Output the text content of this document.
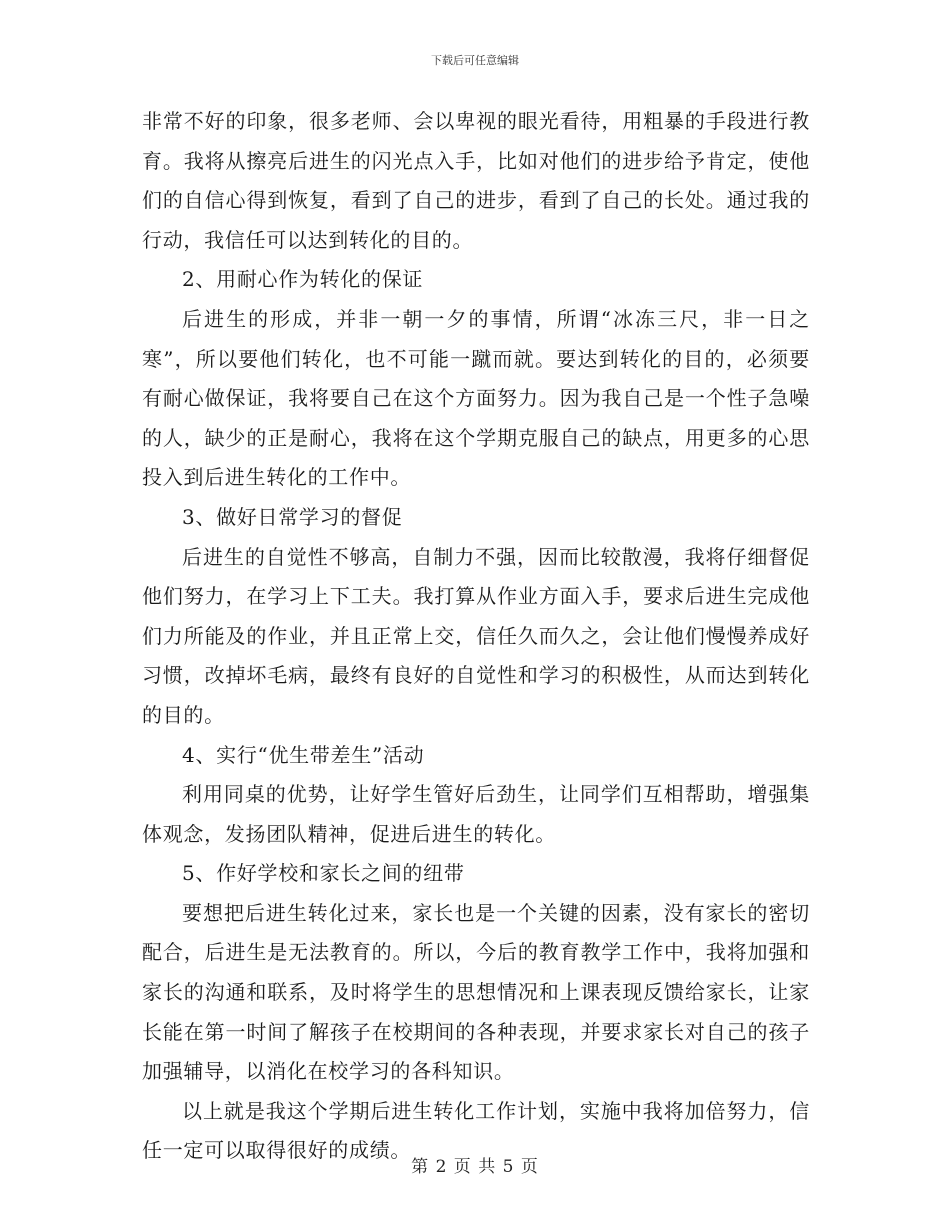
下载后可任意编辑

非常不好的印象，很多老师、会以卑视的眼光看待，用粗暴的手段进行教育。我将从擦亮后进生的闪光点入手，比如对他们的进步给予肯定，使他们的自信心得到恢复，看到了自己的进步，看到了自己的长处。通过我的行动，我信任可以达到转化的目的。

2、用耐心作为转化的保证

后进生的形成，并非一朝一夕的事情，所谓“冰冻三尺，非一日之寒”，所以要他们转化，也不可能一蹴而就。要达到转化的目的，必须要有耐心做保证，我将要自己在这个方面努力。因为我自己是一个性子急噪的人，缺少的正是耐心，我将在这个学期克服自己的缺点，用更多的心思投入到后进生转化的工作中。

3、做好日常学习的督促

后进生的自觉性不够高，自制力不强，因而比较散漫，我将仔细督促他们努力，在学习上下工夫。我打算从作业方面入手，要求后进生完成他们力所能及的作业，并且正常上交，信任久而久之，会让他们慢慢养成好习惯，改掉坏毛病，最终有良好的自觉性和学习的积极性，从而达到转化的目的。

4、实行“优生带差生”活动

利用同桌的优势，让好学生管好后劲生，让同学们互相帮助，增强集体观念，发扬团队精神，促进后进生的转化。

5、作好学校和家长之间的纽带

要想把后进生转化过来，家长也是一个关键的因素，没有家长的密切配合，后进生是无法教育的。所以，今后的教育教学工作中，我将加强和家长的沟通和联系，及时将学生的思想情况和上课表现反馈给家长，让家长能在第一时间了解孩子在校期间的各种表现，并要求家长对自己的孩子加强辅导，以消化在校学习的各科知识。

以上就是我这个学期后进生转化工作计划，实施中我将加倍努力，信任一定可以取得很好的成绩。

第 2 页 共 5 页
